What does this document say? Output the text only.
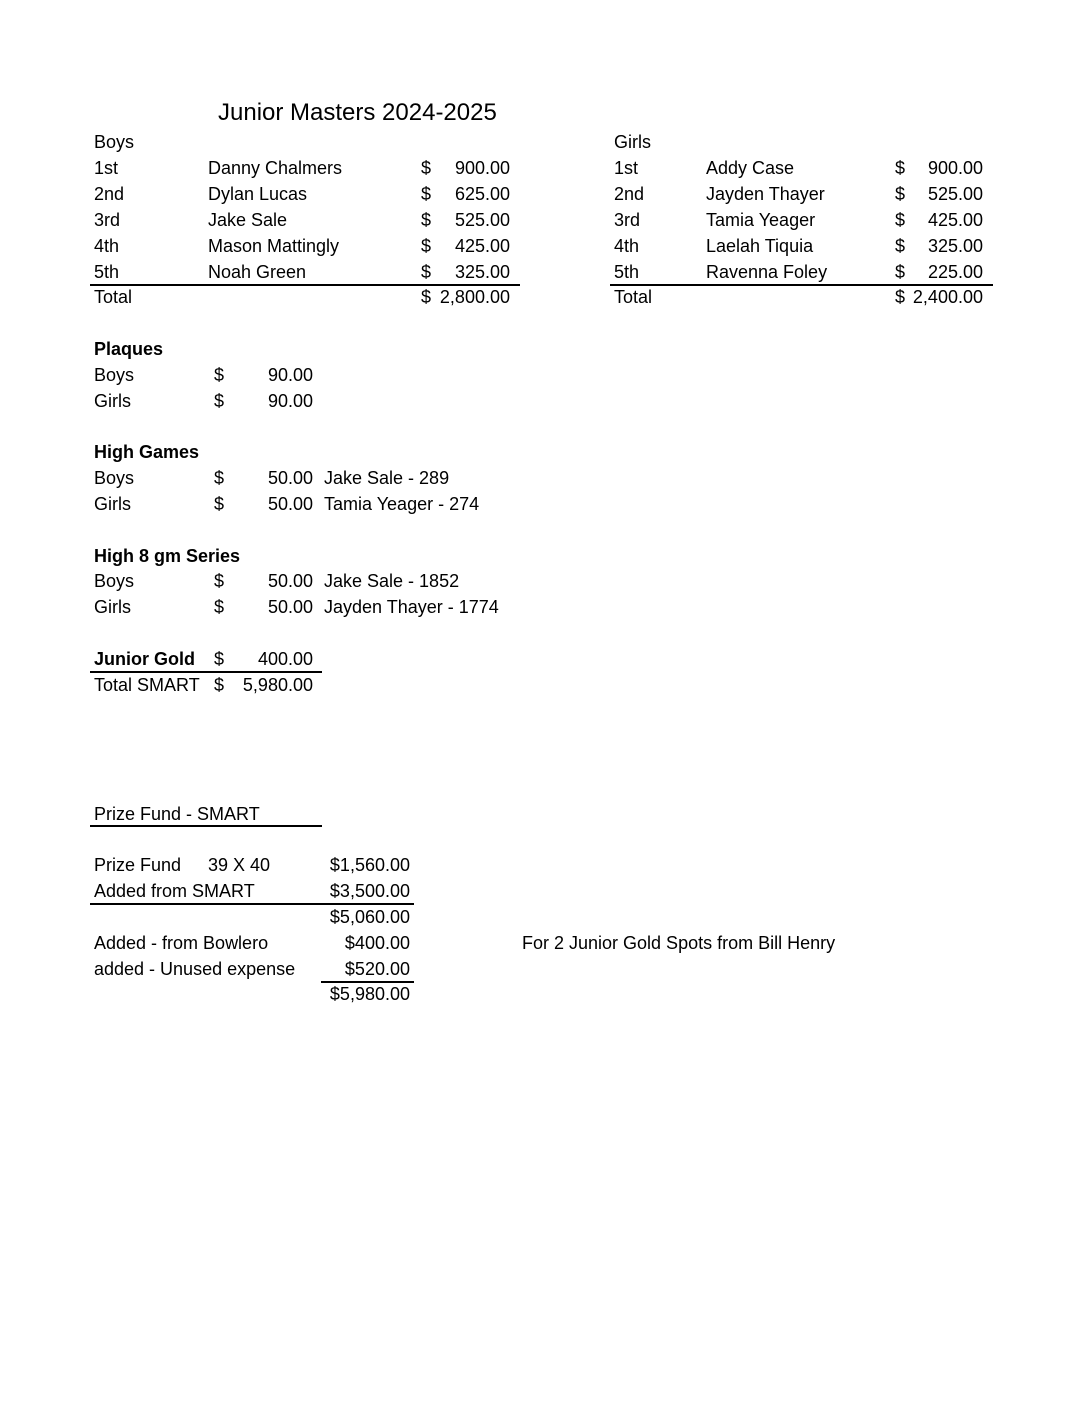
Junior Masters 2024-2025
Boys
1st	Danny Chalmers	$	900.00
2nd	Dylan Lucas	$	625.00
3rd	Jake Sale	$	525.00
4th	Mason Mattingly	$	425.00
5th	Noah Green	$	325.00
Total	$ 2,800.00
Girls
1st	Addy Case	$	900.00
2nd	Jayden Thayer	$	525.00
3rd	Tamia Yeager	$	425.00
4th	Laelah Tiquia	$	325.00
5th	Ravenna Foley	$	225.00
Total	$ 2,400.00
Plaques
Boys	$	90.00
Girls	$	90.00
High Games
Boys	$	50.00 Jake Sale - 289
Girls	$	50.00 Tamia Yeager - 274
High 8 gm Series
Boys	$	50.00 Jake Sale - 1852
Girls	$	50.00 Jayden Thayer - 1774
Junior Gold $	400.00
Total SMART $	5,980.00
Prize Fund - SMART
Prize Fund 39 X 40	$1,560.00
Added from SMART	$3,500.00
$5,060.00
Added - from Bowlero	$400.00	For 2 Junior Gold Spots from Bill Henry
added - Unused expense	$520.00
$5,980.00
